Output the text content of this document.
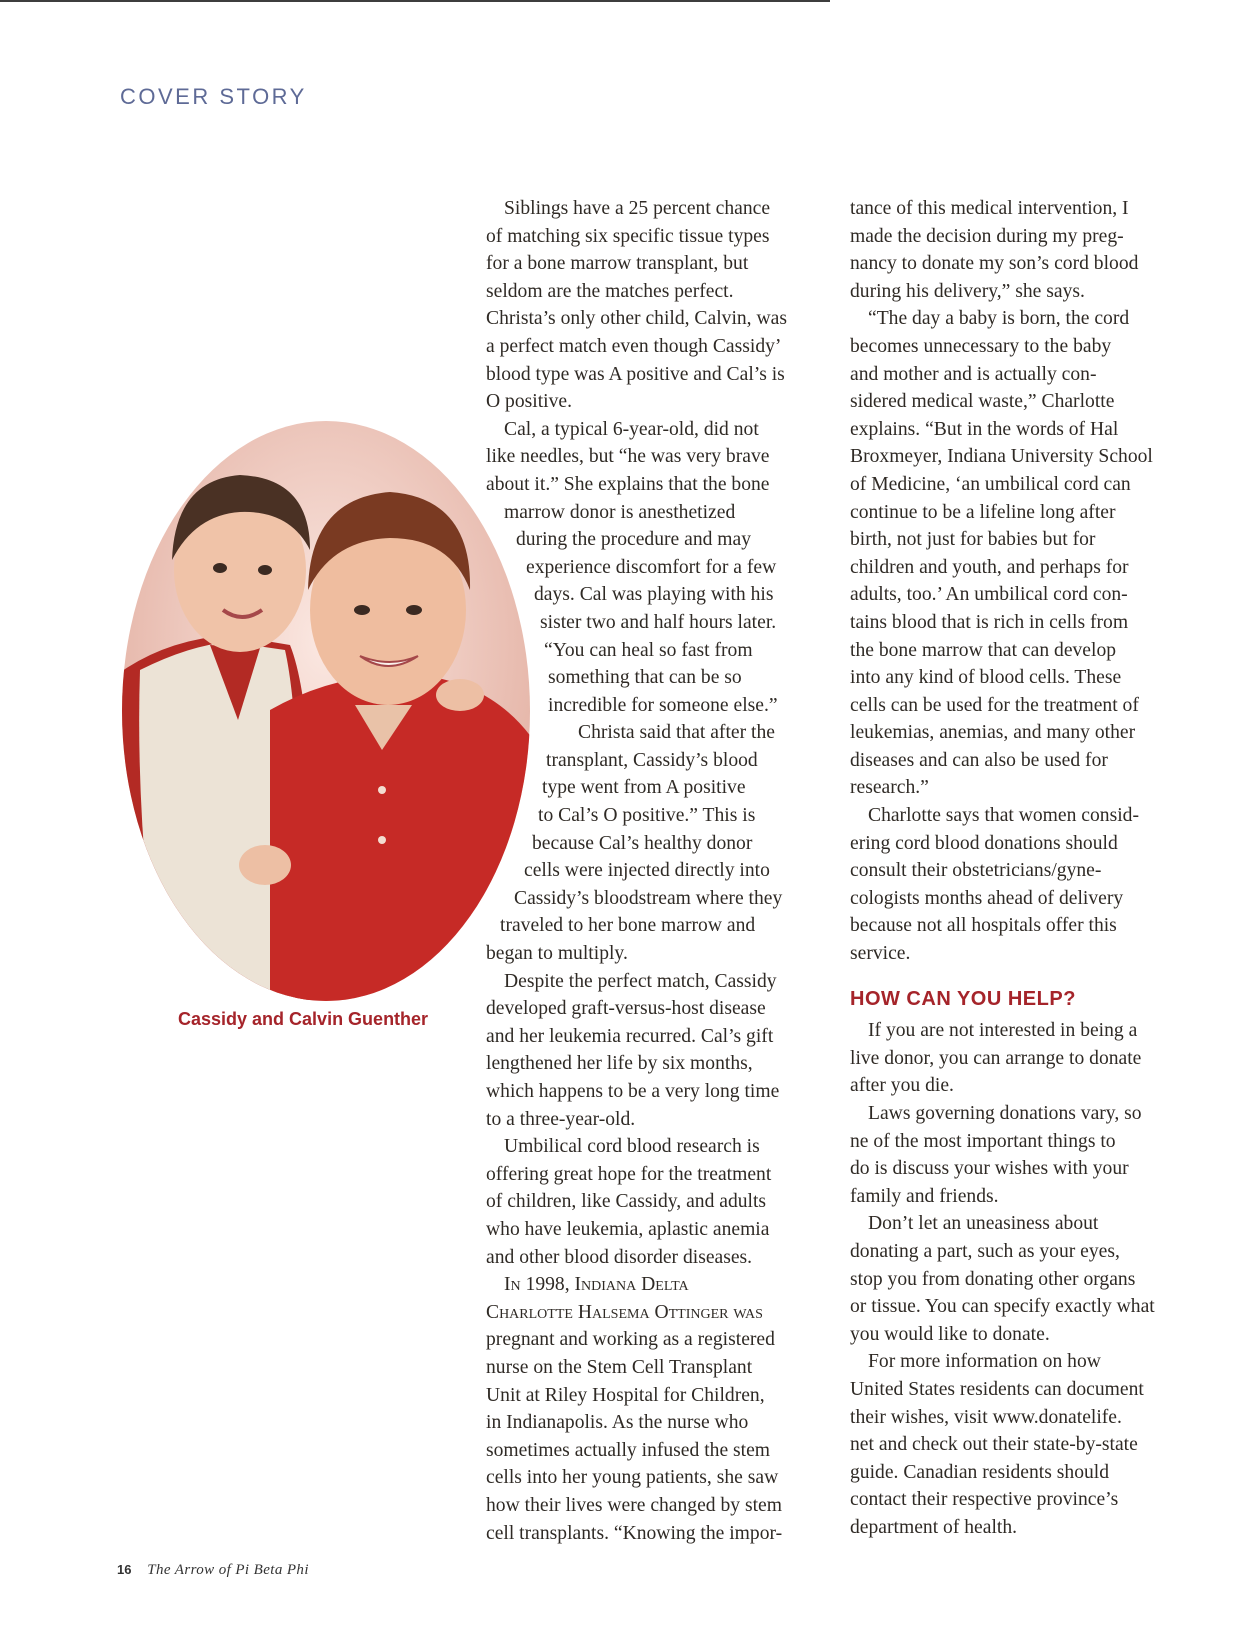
COVER STORY
Cassidy and Calvin Guenther
Siblings have a 25 percent chance
of matching six specific tissue types
for a bone marrow transplant, but
seldom are the matches perfect.
Christa’s only other child, Calvin, was
a perfect match even though Cassidy’
blood type was A positive and Cal’s is
O positive.
Cal, a typical 6-year-old, did not
like needles, but “he was very brave
about it.” She explains that the bone
marrow donor is anesthetized
during the procedure and may
experience discomfort for a few
days. Cal was playing with his
sister two and half hours later.
“You can heal so fast from
something that can be so
incredible for someone else.”
Christa said that after the
transplant, Cassidy’s blood
type went from A positive
to Cal’s O positive.” This is
because Cal’s healthy donor
cells were injected directly into
Cassidy’s bloodstream where they
traveled to her bone marrow and
began to multiply.
Despite the perfect match, Cassidy
developed graft-versus-host disease
and her leukemia recurred. Cal’s gift
lengthened her life by six months,
which happens to be a very long time
to a three-year-old.
Umbilical cord blood research is
offering great hope for the treatment
of children, like Cassidy, and adults
who have leukemia, aplastic anemia
and other blood disorder diseases.
In 1998, Indiana Delta
Charlotte Halsema Ottinger was
pregnant and working as a registered
nurse on the Stem Cell Transplant
Unit at Riley Hospital for Children,
in Indianapolis. As the nurse who
sometimes actually infused the stem
cells into her young patients, she saw
how their lives were changed by stem
cell transplants. “Knowing the impor-
tance of this medical intervention, I
made the decision during my preg-
nancy to donate my son’s cord blood
during his delivery,” she says.
“The day a baby is born, the cord
becomes unnecessary to the baby
and mother and is actually con-
sidered medical waste,” Charlotte
explains. “But in the words of Hal
Broxmeyer, Indiana University School
of Medicine, ‘an umbilical cord can
continue to be a lifeline long after
birth, not just for babies but for
children and youth, and perhaps for
adults, too.’ An umbilical cord con-
tains blood that is rich in cells from
the bone marrow that can develop
into any kind of blood cells. These
cells can be used for the treatment of
leukemias, anemias, and many other
diseases and can also be used for
research.”
Charlotte says that women consid-
ering cord blood donations should
consult their obstetricians/gyne-
cologists months ahead of delivery
because not all hospitals offer this
service.
HOW CAN YOU HELP?
If you are not interested in being a
live donor, you can arrange to donate
after you die.
Laws governing donations vary, so
ne of the most important things to
do is discuss your wishes with your
family and friends.
Don’t let an uneasiness about
donating a part, such as your eyes,
stop you from donating other organs
or tissue. You can specify exactly what
you would like to donate.
For more information on how
United States residents can document
their wishes, visit www.donatelife.
net and check out their state-by-state
guide. Canadian residents should
contact their respective province’s
department of health.
16 The Arrow of Pi Beta Phi
